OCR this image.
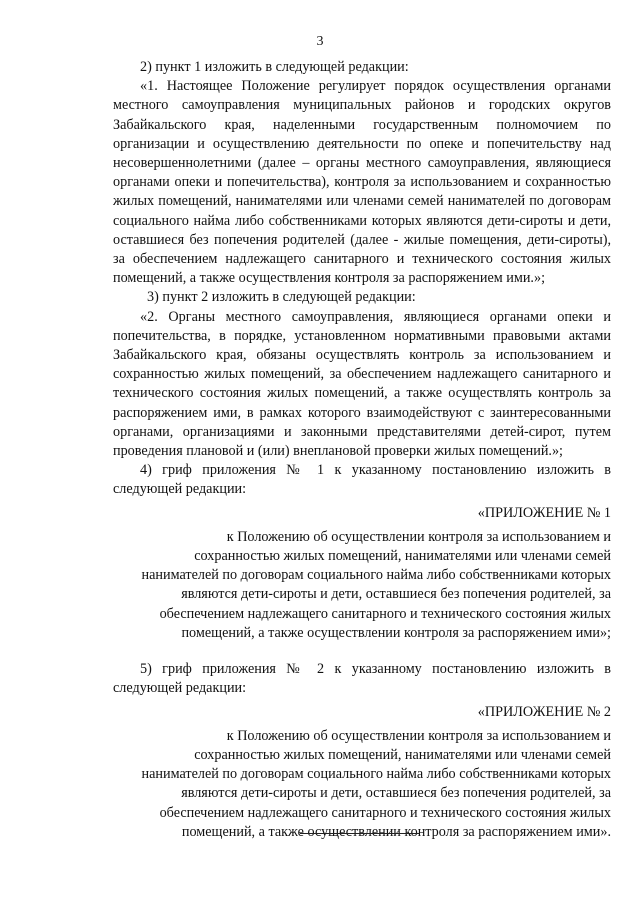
3

2) пункт 1 изложить в следующей редакции:

«1. Настоящее Положение регулирует порядок осуществления органами местного самоуправления муниципальных районов и городских округов Забайкальского края, наделенными государственным полномочием по организации и осуществлению деятельности по опеке и попечительству над несовершеннолетними (далее – органы местного самоуправления, являющиеся органами опеки и попечительства), контроля за использованием и сохранностью жилых помещений, нанимателями или членами семей нанимателей по договорам социального найма либо собственниками которых являются дети-сироты и дети, оставшиеся без попечения родителей (далее - жилые помещения, дети-сироты), за обеспечением надлежащего санитарного и технического состояния жилых помещений, а также осуществления контроля за распоряжением ими.»;

3) пункт 2 изложить в следующей редакции:

«2. Органы местного самоуправления, являющиеся органами опеки и попечительства, в порядке, установленном нормативными правовыми актами Забайкальского края, обязаны осуществлять контроль за использованием и сохранностью жилых помещений, за обеспечением надлежащего санитарного и технического состояния жилых помещений, а также осуществлять контроль за распоряжением ими, в рамках которого взаимодействуют с заинтересованными органами, организациями и законными представителями детей-сирот, путем проведения плановой и (или) внеплановой проверки жилых помещений.»;

4) гриф приложения № 1 к указанному постановлению изложить в следующей редакции:

«ПРИЛОЖЕНИЕ № 1

к Положению об осуществлении контроля за использованием и
сохранностью жилых помещений, нанимателями или членами семей
нанимателей по договорам социального найма либо собственниками которых
являются дети-сироты и дети, оставшиеся без попечения родителей, за
обеспечением надлежащего санитарного и технического состояния жилых
помещений, а также осуществлении контроля за распоряжением ими»;

5) гриф приложения № 2 к указанному постановлению изложить в следующей редакции:

«ПРИЛОЖЕНИЕ № 2

к Положению об осуществлении контроля за использованием и
сохранностью жилых помещений, нанимателями или членами семей
нанимателей по договорам социального найма либо собственниками которых
являются дети-сироты и дети, оставшиеся без попечения родителей, за
обеспечением надлежащего санитарного и технического состояния жилых
помещений, а также осуществлении контроля за распоряжением ими».
